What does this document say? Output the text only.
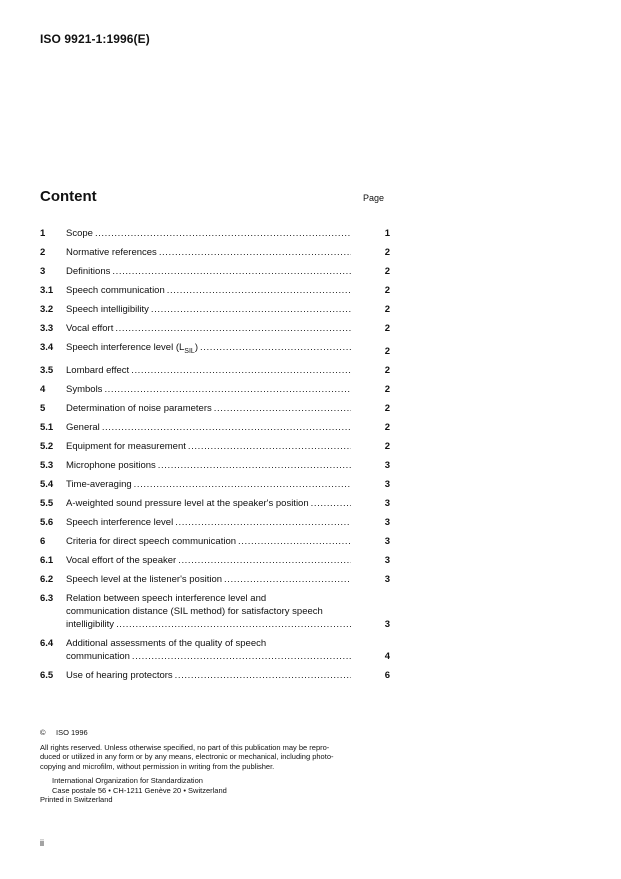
ISO 9921-1:1996(E)
Content	Page
1	Scope .....	1
2	Normative references .....	2
3	Definitions .....	2
3.1	Speech communication .....	2
3.2	Speech intelligibility .....	2
3.3	Vocal effort .....	2
3.4	Speech interference level $(L_{SIL})$ .....	2
3.5	Lombard effect .....	2
4	Symbols .....	2
5	Determination of noise parameters .....	2
5.1	General .....	2
5.2	Equipment for measurement .....	2
5.3	Microphone positions .....	3
5.4	Time-averaging .....	3
5.5	A-weighted sound pressure level at the speaker's position .....	3
5.6	Speech interference level .....	3
6	Criteria for direct speech communication .....	3
6.1	Vocal effort of the speaker .....	3
6.2	Speech level at the listener's position .....	3
6.3	Relation between speech interference level and
communication distance (SIL method) for satisfactory speech
intelligibility .....	3
6.4	Additional assessments of the quality of speech
communication .....	4
6.5	Use of hearing protectors .....	6
© ISO 1996
All rights reserved. Unless otherwise specified, no part of this publication may be repro-
duced or utilized in any form or by any means, electronic or mechanical, including photo-
copying and microfilm, without permission in writing from the publisher.
International Organization for Standardization
Case postale 56 • CH-1211 Genève 20 • Switzerland
Printed in Switzerland
ii
